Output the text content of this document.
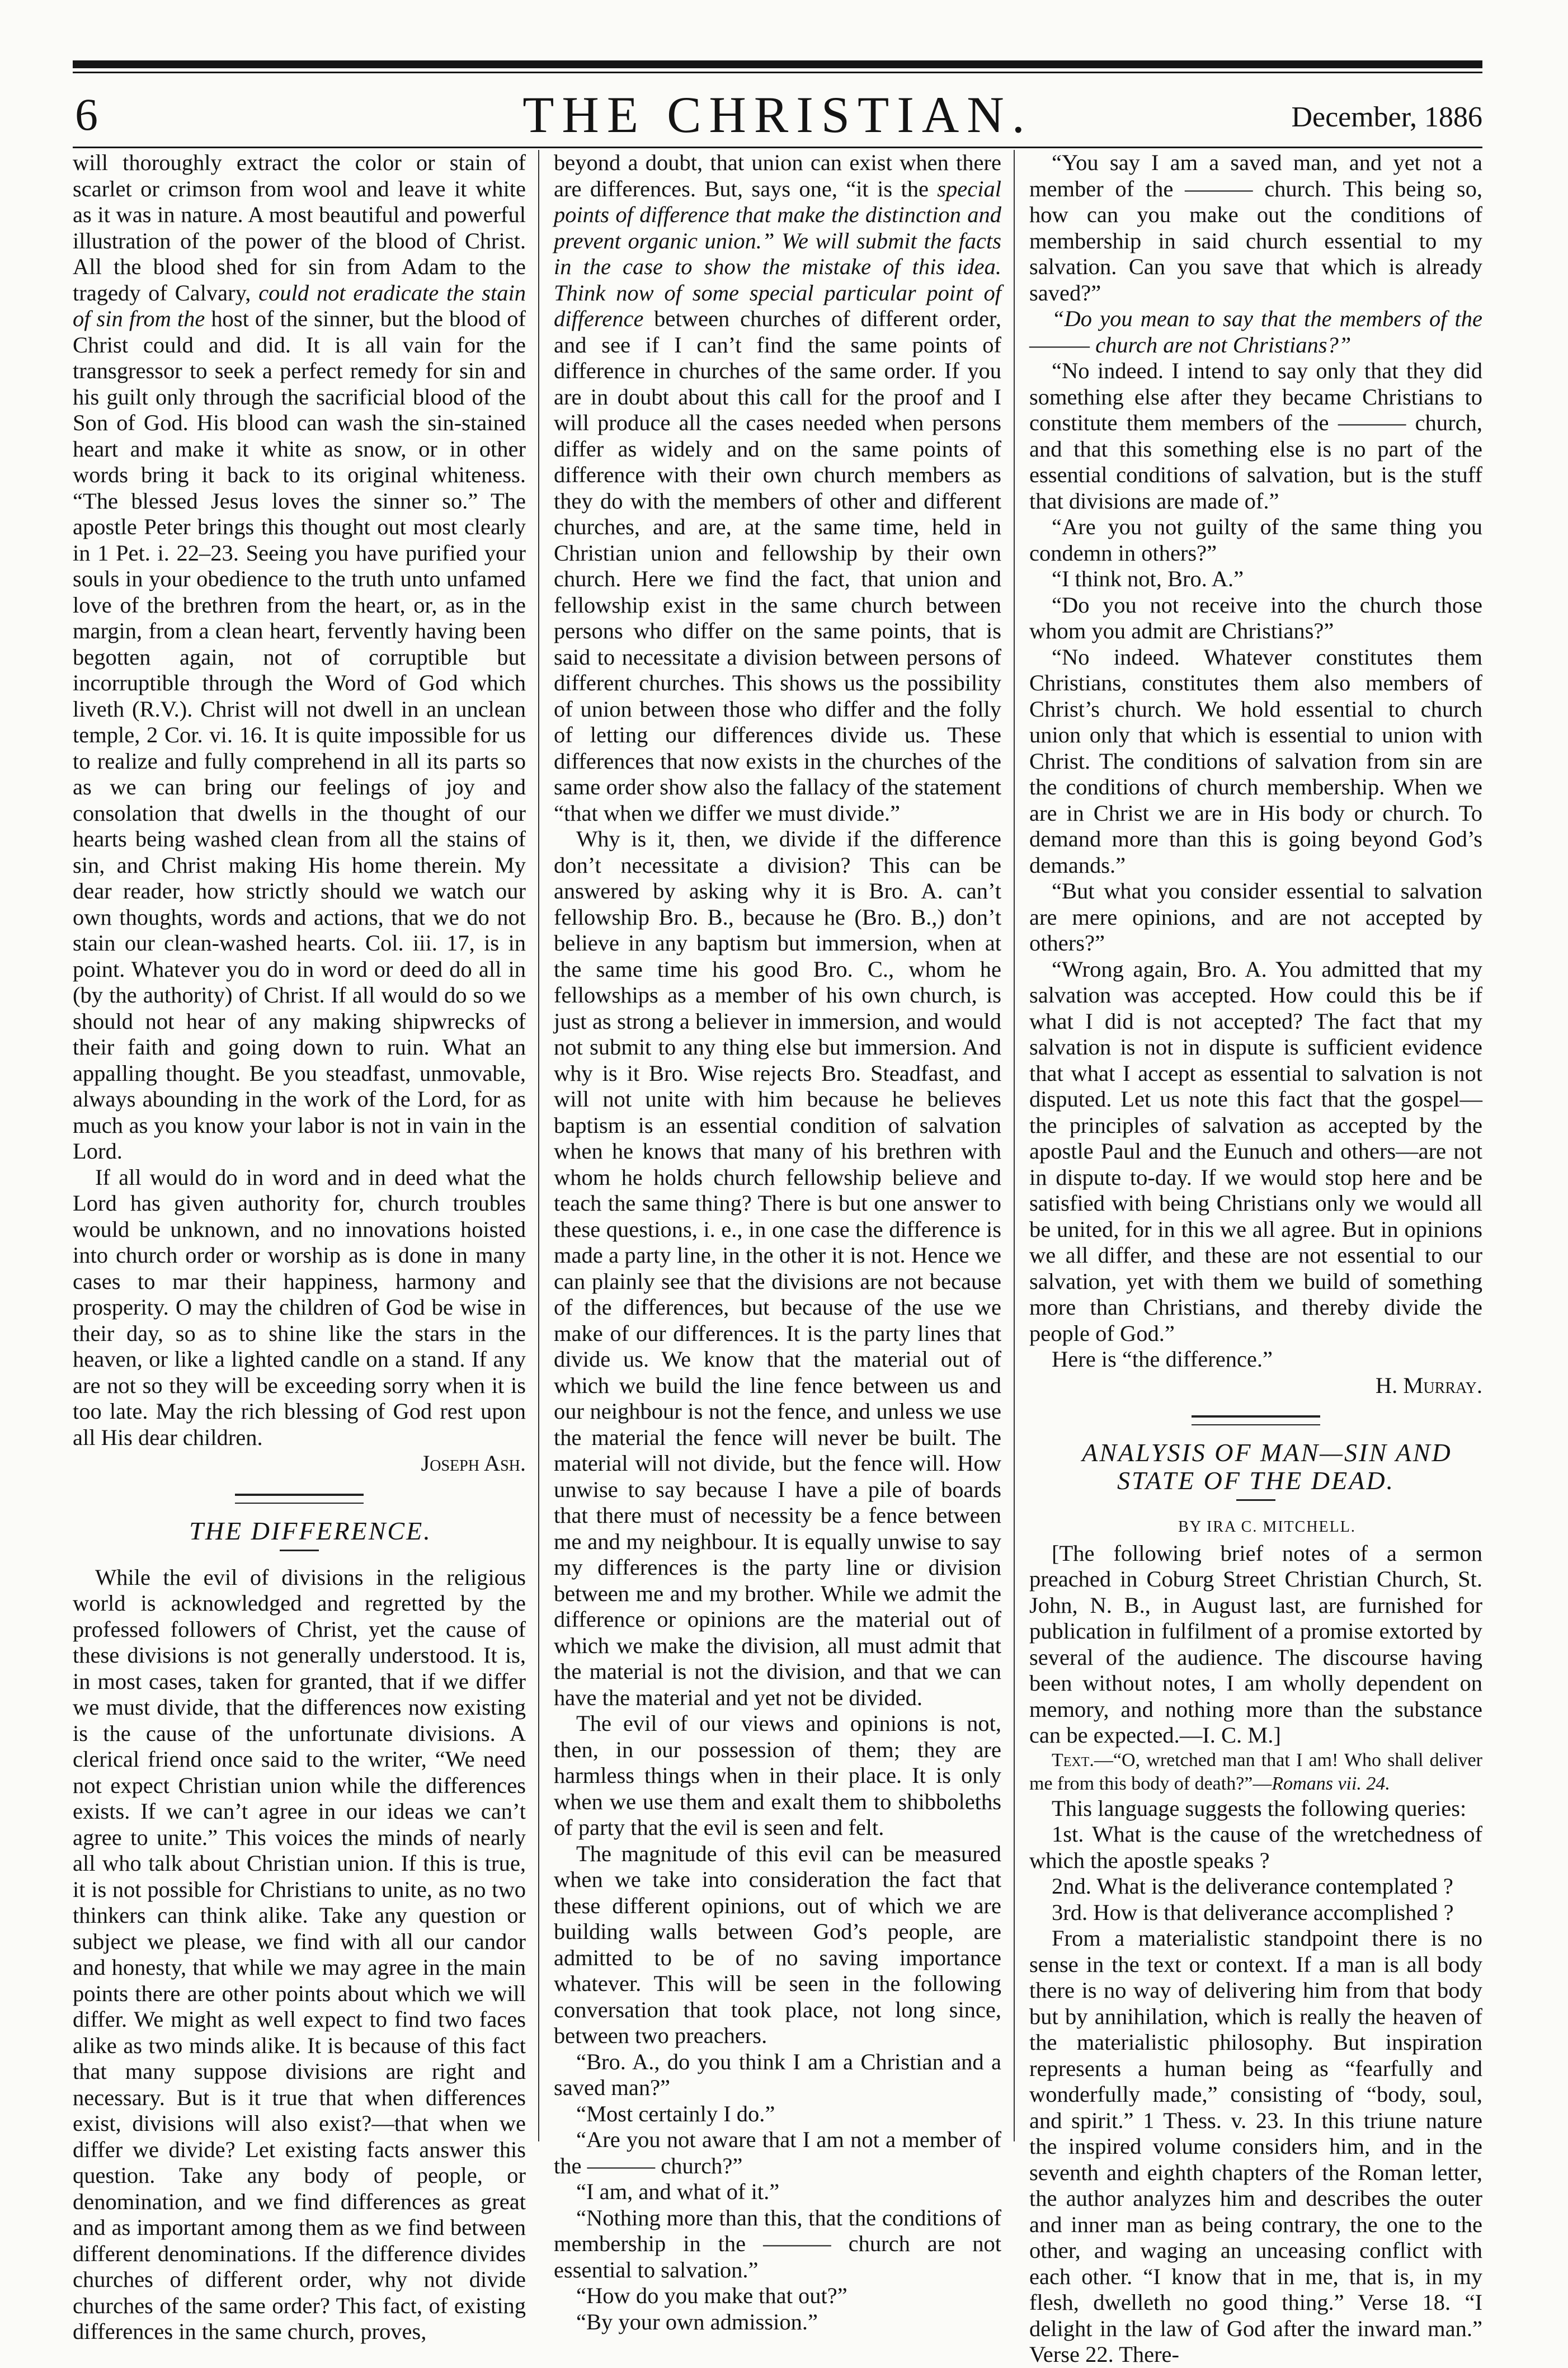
6	THE CHRISTIAN.	December, 1886

will thoroughly extract the color or stain of scarlet or crimson from wool and leave it white as it was in nature. A most beautiful and powerful illustration of the power of the blood of Christ. All the blood shed for sin from Adam to the tragedy of Calvary, could not eradicate the stain of sin from the host of the sinner, but the blood of Christ could and did. It is all vain for the transgressor to seek a perfect remedy for sin and his guilt only through the sacrificial blood of the Son of God. His blood can wash the sin-stained heart and make it white as snow, or in other words bring it back to its original whiteness. “The blessed Jesus loves the sinner so.” The apostle Peter brings this thought out most clearly in 1 Pet. i. 22–23. Seeing you have purified your souls in your obedience to the truth unto unfamed love of the brethren from the heart, or, as in the margin, from a clean heart, fervently having been begotten again, not of corruptible but incorruptible through the Word of God which liveth (R.V.). Christ will not dwell in an unclean temple, 2 Cor. vi. 16. It is quite impossible for us to realize and fully comprehend in all its parts so as we can bring our feelings of joy and consolation that dwells in the thought of our hearts being washed clean from all the stains of sin, and Christ making His home therein. My dear reader, how strictly should we watch our own thoughts, words and actions, that we do not stain our clean-washed hearts. Col. iii. 17, is in point. Whatever you do in word or deed do all in (by the authority) of Christ. If all would do so we should not hear of any making shipwrecks of their faith and going down to ruin. What an appalling thought. Be you steadfast, unmovable, always abounding in the work of the Lord, for as much as you know your labor is not in vain in the Lord.

If all would do in word and in deed what the Lord has given authority for, church troubles would be unknown, and no innovations hoisted into church order or worship as is done in many cases to mar their happiness, harmony and prosperity. O may the children of God be wise in their day, so as to shine like the stars in the heaven, or like a lighted candle on a stand. If any are not so they will be exceeding sorry when it is too late. May the rich blessing of God rest upon all His dear children.

Joseph Ash.

THE DIFFERENCE.

While the evil of divisions in the religious world is acknowledged and regretted by the professed followers of Christ, yet the cause of these divisions is not generally understood. It is, in most cases, taken for granted, that if we differ we must divide, that the differences now existing is the cause of the unfortunate divisions. A clerical friend once said to the writer, “We need not expect Christian union while the differences exists. If we can’t agree in our ideas we can’t agree to unite.” This voices the minds of nearly all who talk about Christian union. If this is true, it is not possible for Christians to unite, as no two thinkers can think alike. Take any question or subject we please, we find with all our candor and honesty, that while we may agree in the main points there are other points about which we will differ. We might as well expect to find two faces alike as two minds alike. It is because of this fact that many suppose divisions are right and necessary. But is it true that when differences exist, divisions will also exist?—that when we differ we divide? Let existing facts answer this question. Take any body of people, or denomination, and we find differences as great and as important among them as we find between different denominations. If the difference divides churches of different order, why not divide churches of the same order? This fact, of existing differences in the same church, proves,

beyond a doubt, that union can exist when there are differences. But, says one, “it is the special points of difference that make the distinction and prevent organic union.” We will submit the facts in the case to show the mistake of this idea. Think now of some special particular point of difference between churches of different order, and see if I can’t find the same points of difference in churches of the same order. If you are in doubt about this call for the proof and I will produce all the cases needed when persons differ as widely and on the same points of difference with their own church members as they do with the members of other and different churches, and are, at the same time, held in Christian union and fellowship by their own church. Here we find the fact, that union and fellowship exist in the same church between persons who differ on the same points, that is said to necessitate a division between persons of different churches. This shows us the possibility of union between those who differ and the folly of letting our differences divide us. These differences that now exists in the churches of the same order show also the fallacy of the statement “that when we differ we must divide.”

Why is it, then, we divide if the difference don’t necessitate a division? This can be answered by asking why it is Bro. A. can’t fellowship Bro. B., because he (Bro. B.,) don’t believe in any baptism but immersion, when at the same time his good Bro. C., whom he fellowships as a member of his own church, is just as strong a believer in immersion, and would not submit to any thing else but immersion. And why is it Bro. Wise rejects Bro. Steadfast, and will not unite with him because he believes baptism is an essential condition of salvation when he knows that many of his brethren with whom he holds church fellowship believe and teach the same thing? There is but one answer to these questions, i. e., in one case the difference is made a party line, in the other it is not. Hence we can plainly see that the divisions are not because of the differences, but because of the use we make of our differences. It is the party lines that divide us. We know that the material out of which we build the line fence between us and our neighbour is not the fence, and unless we use the material the fence will never be built. The material will not divide, but the fence will. How unwise to say because I have a pile of boards that there must of necessity be a fence between me and my neighbour. It is equally unwise to say my differences is the party line or division between me and my brother. While we admit the difference or opinions are the material out of which we make the division, all must admit that the material is not the division, and that we can have the material and yet not be divided.

The evil of our views and opinions is not, then, in our possession of them; they are harmless things when in their place. It is only when we use them and exalt them to shibboleths of party that the evil is seen and felt.

The magnitude of this evil can be measured when we take into consideration the fact that these different opinions, out of which we are building walls between God’s people, are admitted to be of no saving importance whatever. This will be seen in the following conversation that took place, not long since, between two preachers.

“Bro. A., do you think I am a Christian and a saved man?”

“Most certainly I do.”

“Are you not aware that I am not a member of the ——— church?”

“I am, and what of it.”

“Nothing more than this, that the conditions of membership in the ——— church are not essential to salvation.”

“How do you make that out?”

“By your own admission.”

“You say I am a saved man, and yet not a member of the ——— church. This being so, how can you make out the conditions of membership in said church essential to my salvation. Can you save that which is already saved?”

“Do you mean to say that the members of the ——— church are not Christians?”

“No indeed. I intend to say only that they did something else after they became Christians to constitute them members of the ——— church, and that this something else is no part of the essential conditions of salvation, but is the stuff that divisions are made of.”

“Are you not guilty of the same thing you condemn in others?”

“I think not, Bro. A.”

“Do you not receive into the church those whom you admit are Christians?”

“No indeed. Whatever constitutes them Christians, constitutes them also members of Christ’s church. We hold essential to church union only that which is essential to union with Christ. The conditions of salvation from sin are the conditions of church membership. When we are in Christ we are in His body or church. To demand more than this is going beyond God’s demands.”

“But what you consider essential to salvation are mere opinions, and are not accepted by others?”

“Wrong again, Bro. A. You admitted that my salvation was accepted. How could this be if what I did is not accepted? The fact that my salvation is not in dispute is sufficient evidence that what I accept as essential to salvation is not disputed. Let us note this fact that the gospel—the principles of salvation as accepted by the apostle Paul and the Eunuch and others—are not in dispute to-day. If we would stop here and be satisfied with being Christians only we would all be united, for in this we all agree. But in opinions we all differ, and these are not essential to our salvation, yet with them we build of something more than Christians, and thereby divide the people of God.”

Here is “the difference.”

H. Murray.

ANALYSIS OF MAN—SIN AND STATE OF THE DEAD.

BY IRA C. MITCHELL.

[The following brief notes of a sermon preached in Coburg Street Christian Church, St. John, N. B., in August last, are furnished for publication in fulfilment of a promise extorted by several of the audience. The discourse having been without notes, I am wholly dependent on memory, and nothing more than the substance can be expected.—I. C. M.]

Text.—“O, wretched man that I am! Who shall deliver me from this body of death?”—Romans vii. 24.

This language suggests the following queries:

1st. What is the cause of the wretchedness of which the apostle speaks ?

2nd. What is the deliverance contemplated ?

3rd. How is that deliverance accomplished ?

From a materialistic standpoint there is no sense in the text or context. If a man is all body there is no way of delivering him from that body but by annihilation, which is really the heaven of the materialistic philosophy. But inspiration represents a human being as “fearfully and wonderfully made,” consisting of “body, soul, and spirit.” 1 Thess. v. 23. In this triune nature the inspired volume considers him, and in the seventh and eighth chapters of the Roman letter, the author analyzes him and describes the outer and inner man as being contrary, the one to the other, and waging an unceasing conflict with each other. “I know that in me, that is, in my flesh, dwelleth no good thing.” Verse 18. “I delight in the law of God after the inward man.” Verse 22. There-
